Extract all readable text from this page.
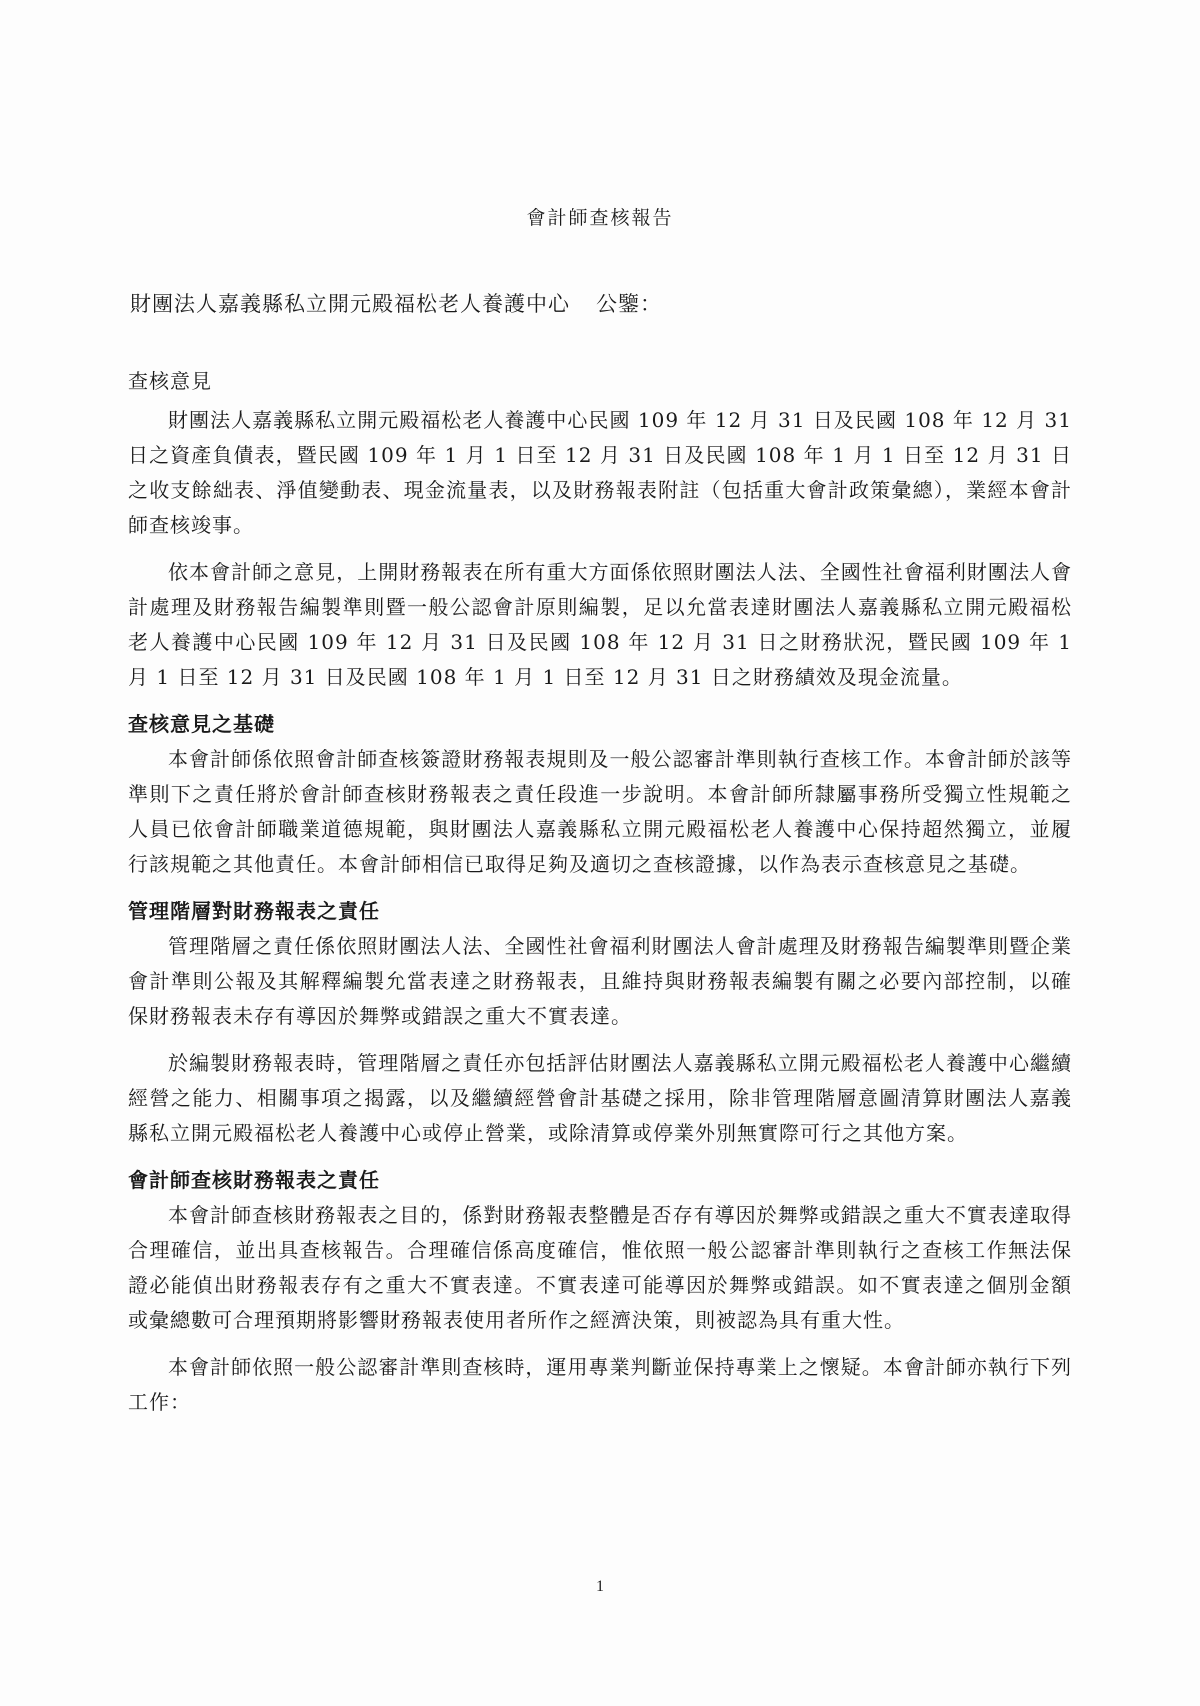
會計師查核報告
財團法人嘉義縣私立開元殿福松老人養護中心 公鑒：

查核意見

財團法人嘉義縣私立開元殿福松老人養護中心民國 109 年 12 月 31 日及民國 108 年 12 月 31 日之資產負債表，暨民國 109 年 1 月 1 日至 12 月 31 日及民國 108 年 1 月 1 日至 12 月 31 日之收支餘絀表、淨值變動表、現金流量表，以及財務報表附註（包括重大會計政策彙總），業經本會計師查核竣事。

依本會計師之意見，上開財務報表在所有重大方面係依照財團法人法、全國性社會福利財團法人會計處理及財務報告編製準則暨一般公認會計原則編製，足以允當表達財團法人嘉義縣私立開元殿福松老人養護中心民國 109 年 12 月 31 日及民國 108 年 12 月 31 日之財務狀況，暨民國 109 年 1 月 1 日至 12 月 31 日及民國 108 年 1 月 1 日至 12 月 31 日之財務績效及現金流量。

查核意見之基礎

本會計師係依照會計師查核簽證財務報表規則及一般公認審計準則執行查核工作。本會計師於該等準則下之責任將於會計師查核財務報表之責任段進一步說明。本會計師所隸屬事務所受獨立性規範之人員已依會計師職業道德規範，與財團法人嘉義縣私立開元殿福松老人養護中心保持超然獨立，並履行該規範之其他責任。本會計師相信已取得足夠及適切之查核證據，以作為表示查核意見之基礎。

管理階層對財務報表之責任

管理階層之責任係依照財團法人法、全國性社會福利財團法人會計處理及財務報告編製準則暨企業會計準則公報及其解釋編製允當表達之財務報表，且維持與財務報表編製有關之必要內部控制，以確保財務報表未存有導因於舞弊或錯誤之重大不實表達。

於編製財務報表時，管理階層之責任亦包括評估財團法人嘉義縣私立開元殿福松老人養護中心繼續經營之能力、相關事項之揭露，以及繼續經營會計基礎之採用，除非管理階層意圖清算財團法人嘉義縣私立開元殿福松老人養護中心或停止營業，或除清算或停業外別無實際可行之其他方案。

會計師查核財務報表之責任

本會計師查核財務報表之目的，係對財務報表整體是否存有導因於舞弊或錯誤之重大不實表達取得合理確信，並出具查核報告。合理確信係高度確信，惟依照一般公認審計準則執行之查核工作無法保證必能偵出財務報表存有之重大不實表達。不實表達可能導因於舞弊或錯誤。如不實表達之個別金額或彙總數可合理預期將影響財務報表使用者所作之經濟決策，則被認為具有重大性。

本會計師依照一般公認審計準則查核時，運用專業判斷並保持專業上之懷疑。本會計師亦執行下列工作：

1
